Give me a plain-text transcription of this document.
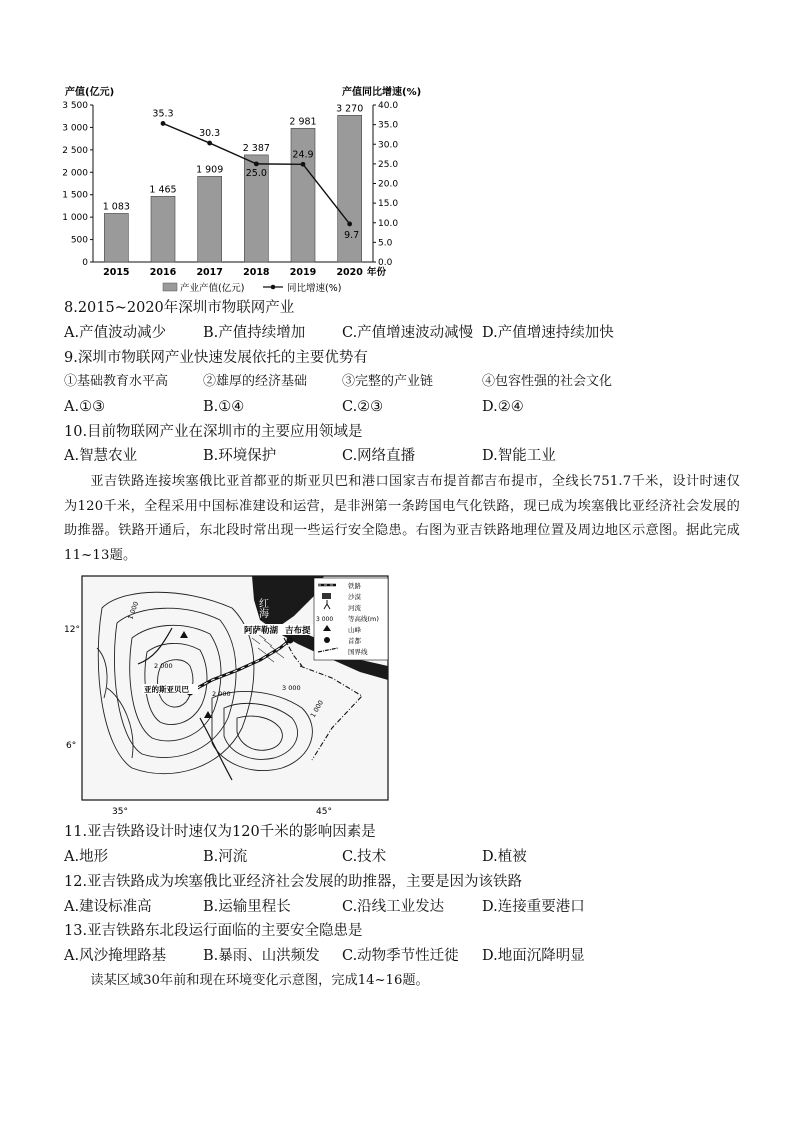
产值(亿元)	产值同比增速(%)
0
500
1 000
1 500
2 000
2 500
3 000
3 500
0.0
5.0
10.0
15.0
20.0
25.0
30.0
35.0
40.0
1 083
1 465
1 909
2 387
2 981
3 270
35.3
30.3
25.0
24.9
9.7
2015 2016 2017 2018 2019 2020 年份
产业产值(亿元)	同比增速(%)
8.2015~2020年深圳市物联网产业
A.产值波动减少	B.产值持续增加	C.产值增速波动减慢 D.产值增速持续加快
9.深圳市物联网产业快速发展依托的主要优势有
①基础教育水平高	②雄厚的经济基础	③完整的产业链	④包容性强的社会文化
A.①③	B.①④	C.②③	D.②④
10.目前物联网产业在深圳市的主要应用领域是
A.智慧农业	B.环境保护	C.网络直播	D.智能工业
亚吉铁路连接埃塞俄比亚首都亚的斯亚贝巴和港口国家吉布提首都吉布提市，全线长751.7千米，设计时速仅为120千米，全程采用中国标准建设和运营，是非洲第一条跨国电气化铁路，现已成为埃塞俄比亚经济社会发展的助推器。铁路开通后，东北段时常出现一些运行安全隐患。右图为亚吉铁路地理位置及周边地区示意图。据此完成11~13题。
红海
阿萨勒湖 吉布提
亚的斯亚贝巴
1 000
2 000
3 000
1 000
2 000
12°
6°
35°	45°
铁路
沙漠
河流
3 000 等高线(m)
山峰
首都
国界线
11.亚吉铁路设计时速仅为120千米的影响因素是
A.地形	B.河流	C.技术	D.植被
12.亚吉铁路成为埃塞俄比亚经济社会发展的助推器，主要是因为该铁路
A.建设标准高	B.运输里程长	C.沿线工业发达	D.连接重要港口
13.亚吉铁路东北段运行面临的主要安全隐患是
A.风沙掩埋路基	B.暴雨、山洪频发 C.动物季节性迁徙 D.地面沉降明显
读某区域30年前和现在环境变化示意图，完成14~16题。
